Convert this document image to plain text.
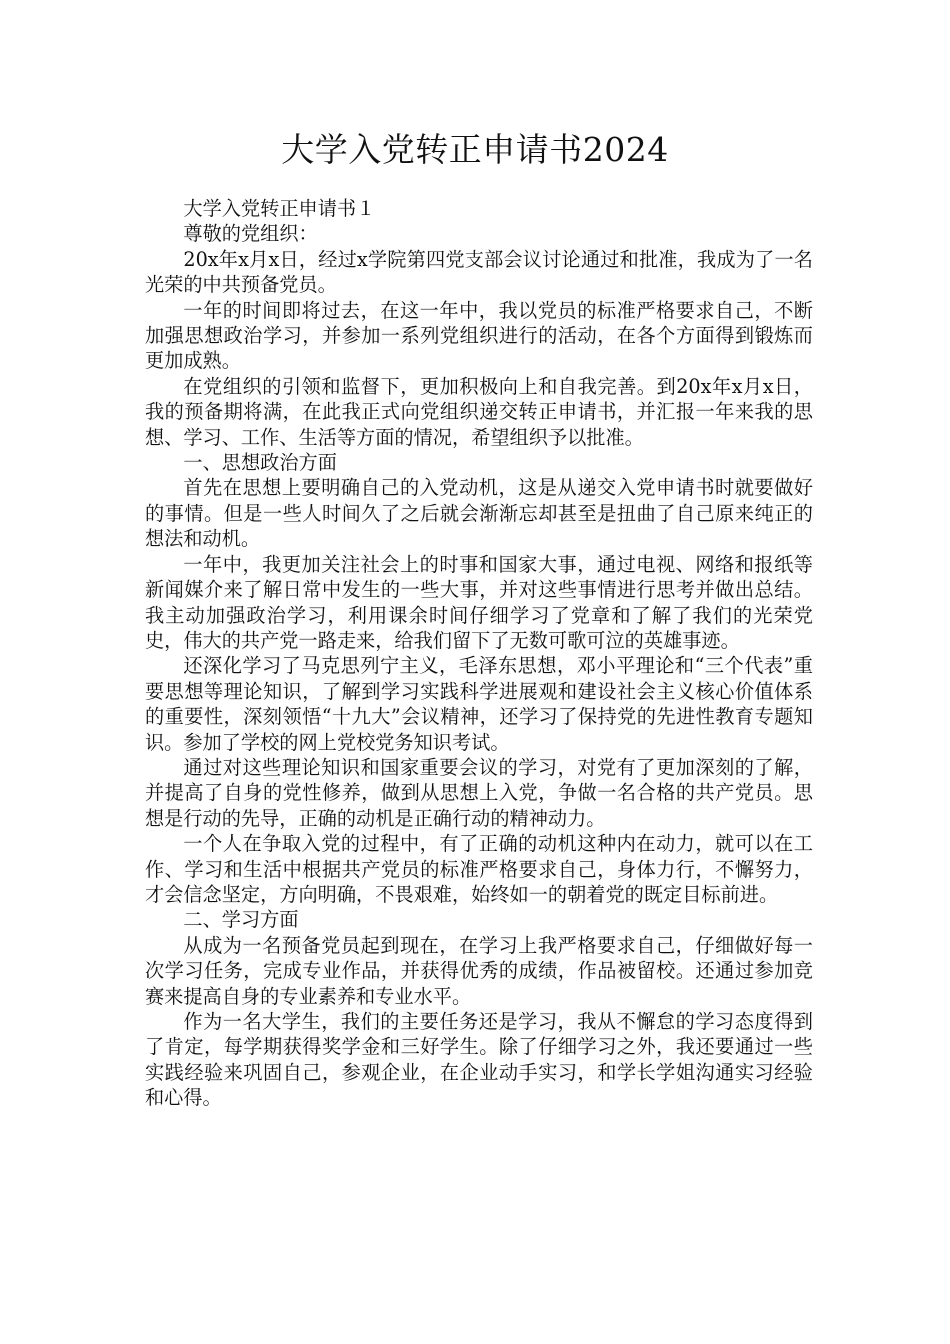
大学入党转正申请书2024

大学入党转正申请书１

尊敬的党组织：

20x年x月x日，经过x学院第四党支部会议讨论通过和批准，我成为了一名光荣的中共预备党员。

一年的时间即将过去，在这一年中，我以党员的标准严格要求自己，不断加强思想政治学习，并参加一系列党组织进行的活动，在各个方面得到锻炼而更加成熟。

在党组织的引领和监督下，更加积极向上和自我完善。到20x年x月x日，我的预备期将满，在此我正式向党组织递交转正申请书，并汇报一年来我的思想、学习、工作、生活等方面的情况，希望组织予以批准。

一、思想政治方面

首先在思想上要明确自己的入党动机，这是从递交入党申请书时就要做好的事情。但是一些人时间久了之后就会渐渐忘却甚至是扭曲了自己原来纯正的想法和动机。

一年中，我更加关注社会上的时事和国家大事，通过电视、网络和报纸等新闻媒介来了解日常中发生的一些大事，并对这些事情进行思考并做出总结。我主动加强政治学习，利用课余时间仔细学习了党章和了解了我们的光荣党史，伟大的共产党一路走来，给我们留下了无数可歌可泣的英雄事迹。

还深化学习了马克思列宁主义，毛泽东思想，邓小平理论和“三个代表”重要思想等理论知识，了解到学习实践科学进展观和建设社会主义核心价值体系的重要性，深刻领悟“十九大”会议精神，还学习了保持党的先进性教育专题知识。参加了学校的网上党校党务知识考试。

通过对这些理论知识和国家重要会议的学习，对党有了更加深刻的了解，并提高了自身的党性修养，做到从思想上入党，争做一名合格的共产党员。思想是行动的先导，正确的动机是正确行动的精神动力。

一个人在争取入党的过程中，有了正确的动机这种内在动力，就可以在工作、学习和生活中根据共产党员的标准严格要求自己，身体力行，不懈努力，才会信念坚定，方向明确，不畏艰难，始终如一的朝着党的既定目标前进。

二、学习方面

从成为一名预备党员起到现在，在学习上我严格要求自己，仔细做好每一次学习任务，完成专业作品，并获得优秀的成绩，作品被留校。还通过参加竞赛来提高自身的专业素养和专业水平。

作为一名大学生，我们的主要任务还是学习，我从不懈怠的学习态度得到了肯定，每学期获得奖学金和三好学生。除了仔细学习之外，我还要通过一些实践经验来巩固自己，参观企业，在企业动手实习，和学长学姐沟通实习经验和心得。
